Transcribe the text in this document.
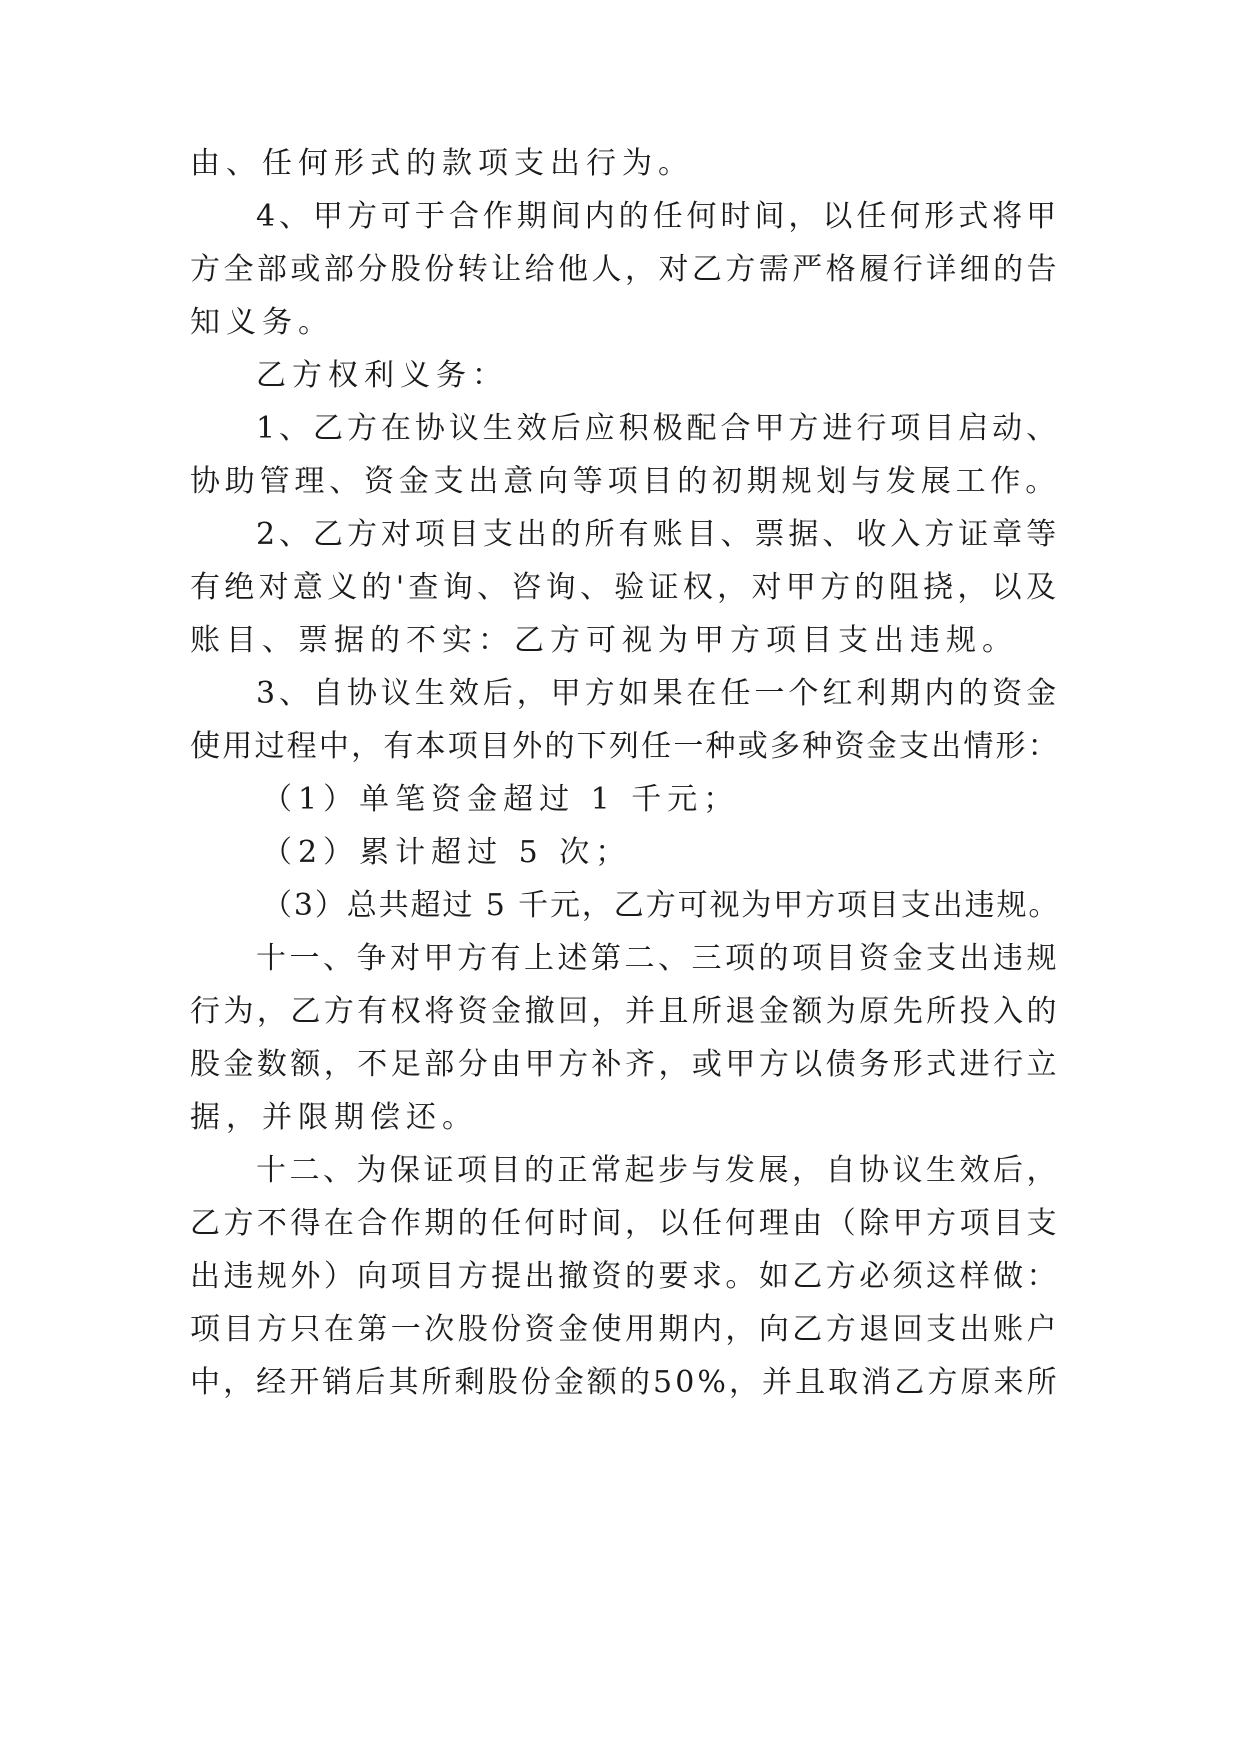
由、任何形式的款项支出行为。
4、甲方可于合作期间内的任何时间，以任何形式将甲
方全部或部分股份转让给他人，对乙方需严格履行详细的告
知义务。
乙方权利义务：
1、乙方在协议生效后应积极配合甲方进行项目启动、
协助管理、资金支出意向等项目的初期规划与发展工作。
2、乙方对项目支出的所有账目、票据、收入方证章等
有绝对意义的'查询、咨询、验证权，对甲方的阻挠，以及
账目、票据的不实：乙方可视为甲方项目支出违规。
3、自协议生效后，甲方如果在任一个红利期内的资金
使用过程中，有本项目外的下列任一种或多种资金支出情形：
（1）单笔资金超过 1 千元；
（2）累计超过 5 次；
（3）总共超过 5 千元，乙方可视为甲方项目支出违规。
十一、争对甲方有上述第二、三项的项目资金支出违规
行为，乙方有权将资金撤回，并且所退金额为原先所投入的
股金数额，不足部分由甲方补齐，或甲方以债务形式进行立
据，并限期偿还。
十二、为保证项目的正常起步与发展，自协议生效后，
乙方不得在合作期的任何时间，以任何理由（除甲方项目支
出违规外）向项目方提出撤资的要求。如乙方必须这样做：
项目方只在第一次股份资金使用期内，向乙方退回支出账户
中，经开销后其所剩股份金额的50%，并且取消乙方原来所
